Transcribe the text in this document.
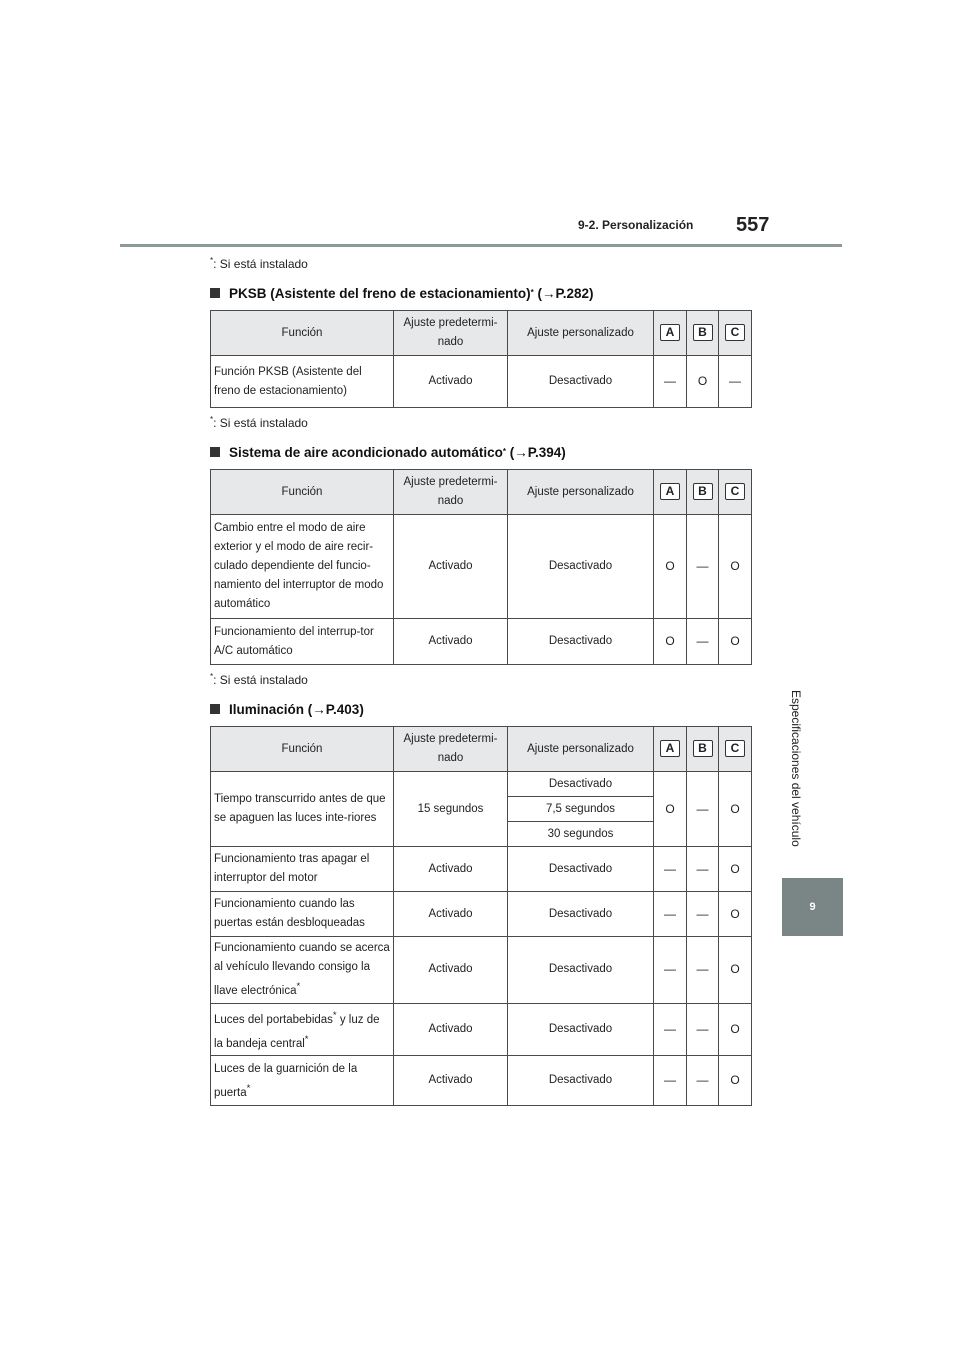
9-2. Personalización 557
Especificaciones del vehículo
9
*: Si está instalado
PKSB (Asistente del freno de estacionamiento) * ( → P.282 )
Función	Ajuste predetermi-nado	Ajuste personalizado	A	B	C
Función PKSB (Asistente del freno de estacionamiento)	Activado	Desactivado	—	O	—
*: Si está instalado
Sistema de aire acondicionado automático * ( → P.394 )
Función	Ajuste predetermi-nado	Ajuste personalizado	A	B	C
Cambio entre el modo de aire exterior y el modo de aire recir-culado dependiente del funcio-namiento del interruptor de modo automático	Activado	Desactivado	O	—	O
Funcionamiento del interrup-tor A/C automático	Activado	Desactivado	O	—	O
*: Si está instalado
Iluminación ( → P.403 )
Función	Ajuste predetermi-nado	Ajuste personalizado	A	B	C
Tiempo transcurrido antes de que se apaguen las luces inte-riores	15 segundos	Desactivado	O	—	O
		7,5 segundos			
		30 segundos			
Funcionamiento tras apagar el interruptor del motor	Activado	Desactivado	—	—	O
Funcionamiento cuando las puertas están desbloqueadas	Activado	Desactivado	—	—	O
Funcionamiento cuando se acerca al vehículo llevando consigo la llave electrónica*	Activado	Desactivado	—	—	O
Luces del portabebidas* y luz de la bandeja central*	Activado	Desactivado	—	—	O
Luces de la guarnición de la puerta*	Activado	Desactivado	—	—	O
